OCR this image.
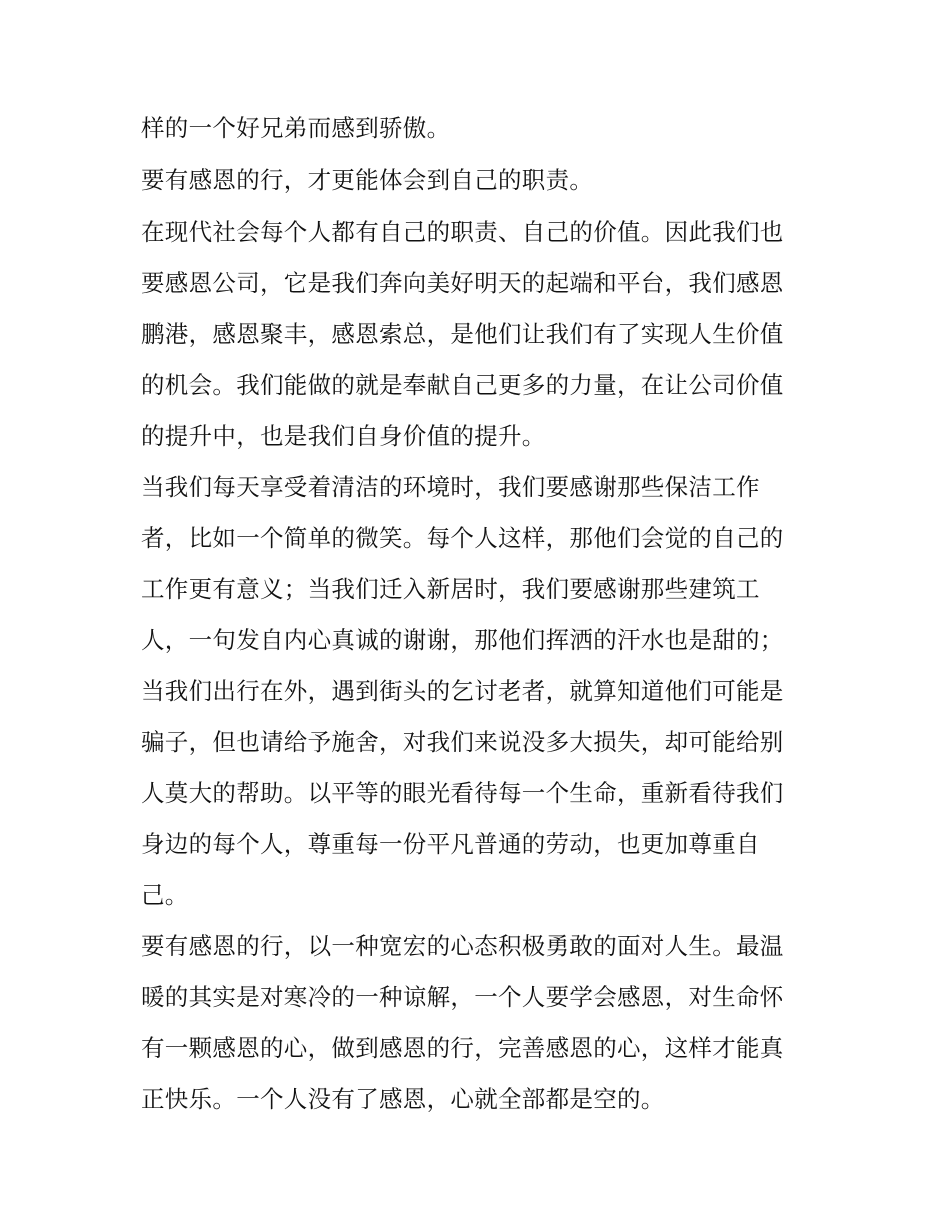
样的一个好兄弟而感到骄傲。
要有感恩的行，才更能体会到自己的职责。
在现代社会每个人都有自己的职责、自己的价值。因此我们也
要感恩公司，它是我们奔向美好明天的起端和平台，我们感恩
鹏港，感恩聚丰，感恩索总，是他们让我们有了实现人生价值
的机会。我们能做的就是奉献自己更多的力量，在让公司价值
的提升中，也是我们自身价值的提升。
当我们每天享受着清洁的环境时，我们要感谢那些保洁工作
者，比如一个简单的微笑。每个人这样，那他们会觉的自己的
工作更有意义；当我们迁入新居时，我们要感谢那些建筑工
人，一句发自内心真诚的谢谢，那他们挥洒的汗水也是甜的；
当我们出行在外，遇到街头的乞讨老者，就算知道他们可能是
骗子，但也请给予施舍，对我们来说没多大损失，却可能给别
人莫大的帮助。以平等的眼光看待每一个生命，重新看待我们
身边的每个人，尊重每一份平凡普通的劳动，也更加尊重自
己。
要有感恩的行，以一种宽宏的心态积极勇敢的面对人生。最温
暖的其实是对寒冷的一种谅解，一个人要学会感恩，对生命怀
有一颗感恩的心，做到感恩的行，完善感恩的心，这样才能真
正快乐。一个人没有了感恩，心就全部都是空的。
